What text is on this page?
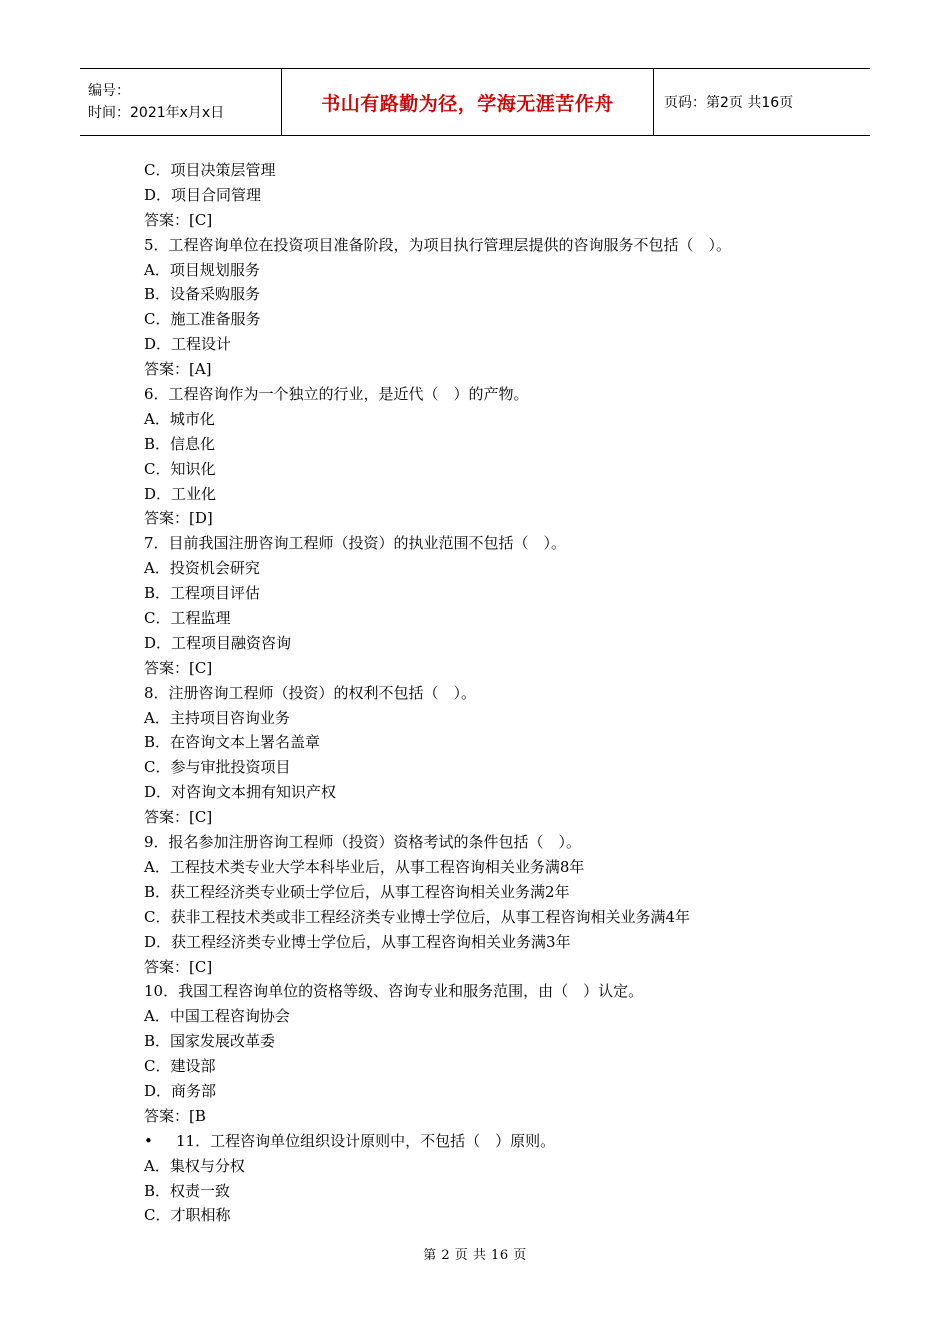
编号：
时间：2021年x月x日	书山有路勤为径，学海无涯苦作舟	页码：第2页 共16页
C．项目决策层管理
D．项目合同管理
答案：[C]
5．工程咨询单位在投资项目准备阶段，为项目执行管理层提供的咨询服务不包括（　）。
A．项目规划服务
B．设备采购服务
C．施工准备服务
D．工程设计
答案：[A]
6．工程咨询作为一个独立的行业，是近代（　）的产物。
A．城市化
B．信息化
C．知识化
D．工业化
答案：[D]
7．目前我国注册咨询工程师（投资）的执业范围不包括（　）。
A．投资机会研究
B．工程项目评估
C．工程监理
D．工程项目融资咨询
答案：[C]
8．注册咨询工程师（投资）的权利不包括（　）。
A．主持项目咨询业务
B．在咨询文本上署名盖章
C．参与审批投资项目
D．对咨询文本拥有知识产权
答案：[C]
9．报名参加注册咨询工程师（投资）资格考试的条件包括（　）。
A．工程技术类专业大学本科毕业后，从事工程咨询相关业务满8年
B．获工程经济类专业硕士学位后，从事工程咨询相关业务满2年
C．获非工程技术类或非工程经济类专业博士学位后，从事工程咨询相关业务满4年
D．获工程经济类专业博士学位后，从事工程咨询相关业务满3年
答案：[C]
10．我国工程咨询单位的资格等级、咨询专业和服务范围，由（　）认定。
A．中国工程咨询协会
B．国家发展改革委
C．建设部
D．商务部
答案：[B
• 11．工程咨询单位组织设计原则中，不包括（　）原则。
A．集权与分权
B．权责一致
C．才职相称
第 2 页 共 16 页
